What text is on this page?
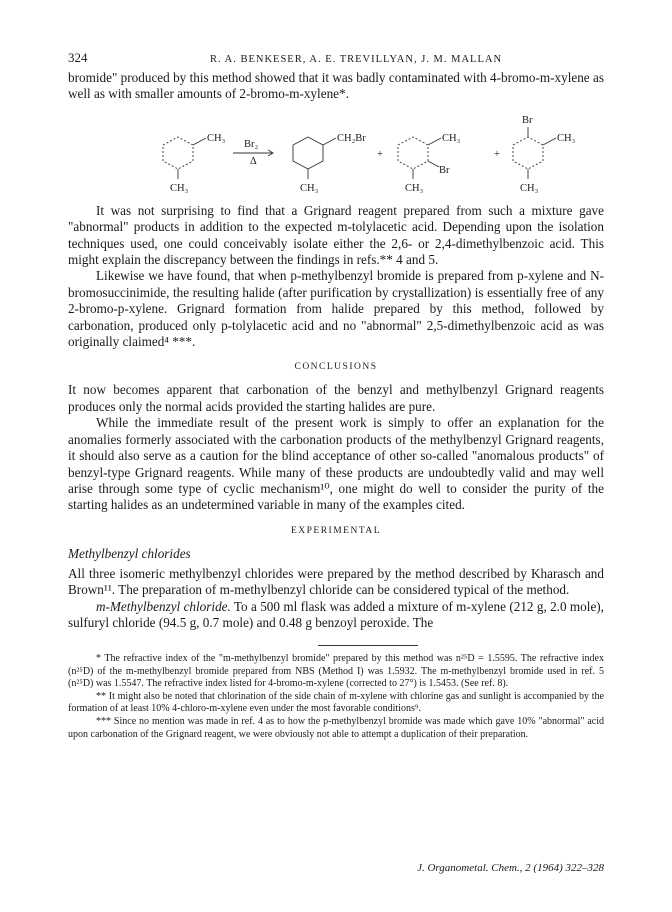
324	R. A. BENKESER, A. E. TREVILLYAN, J. M. MALLAN

bromide" produced by this method showed that it was badly contaminated with 4-bromo-m-xylene as well as with smaller amounts of 2-bromo-m-xylene*.

CH₃
CH₃
Br₂
Δ
CH₂Br
CH₃
+
CH₃
Br
CH₃
+
Br
CH₃
CH₃

It was not surprising to find that a Grignard reagent prepared from such a mixture gave "abnormal" products in addition to the expected m-tolylacetic acid. Depending upon the isolation techniques used, one could conceivably isolate either the 2,6- or 2,4-dimethylbenzoic acid. This might explain the discrepancy between the findings in refs.** 4 and 5.

Likewise we have found, that when p-methylbenzyl bromide is prepared from p-xylene and N-bromosuccinimide, the resulting halide (after purification by crystallization) is essentially free of any 2-bromo-p-xylene. Grignard formation from halide prepared by this method, followed by carbonation, produced only p-tolylacetic acid and no "abnormal" 2,5-dimethylbenzoic acid as was originally claimed⁴ ***.

CONCLUSIONS

It now becomes apparent that carbonation of the benzyl and methylbenzyl Grignard reagents produces only the normal acids provided the starting halides are pure.

While the immediate result of the present work is simply to offer an explanation for the anomalies formerly associated with the carbonation products of the methylbenzyl Grignard reagents, it should also serve as a caution for the blind acceptance of other so-called "anomalous products" of benzyl-type Grignard reagents. While many of these products are undoubtedly valid and may well arise through some type of cyclic mechanism¹⁰, one might do well to consider the purity of the starting halides as an undetermined variable in many of the examples cited.

EXPERIMENTAL
Methylbenzyl chlorides

All three isomeric methylbenzyl chlorides were prepared by the method described by Kharasch and Brown¹¹. The preparation of m-methylbenzyl chloride can be considered typical of the method.

m-Methylbenzyl chloride. To a 500 ml flask was added a mixture of m-xylene (212 g, 2.0 mole), sulfuryl chloride (94.5 g, 0.7 mole) and 0.48 g benzoyl peroxide. The

* The refractive index of the "m-methylbenzyl bromide" prepared by this method was n²⁵D = 1.5595. The refractive index (n²⁵D) of the m-methylbenzyl bromide prepared from NBS (Method I) was 1.5932. The m-methylbenzyl bromide used in ref. 5 (n²⁵D) was 1.5547. The refractive index listed for 4-bromo-m-xylene (corrected to 27°) is 1.5453. (See ref. 8).

** It might also be noted that chlorination of the side chain of m-xylene with chlorine gas and sunlight is accompanied by the formation of at least 10% 4-chloro-m-xylene even under the most favorable conditions⁹.

*** Since no mention was made in ref. 4 as to how the p-methylbenzyl bromide was made which gave 10% "abnormal" acid upon carbonation of the Grignard reagent, we were obviously not able to attempt a duplication of their preparation.

J. Organometal. Chem., 2 (1964) 322–328
